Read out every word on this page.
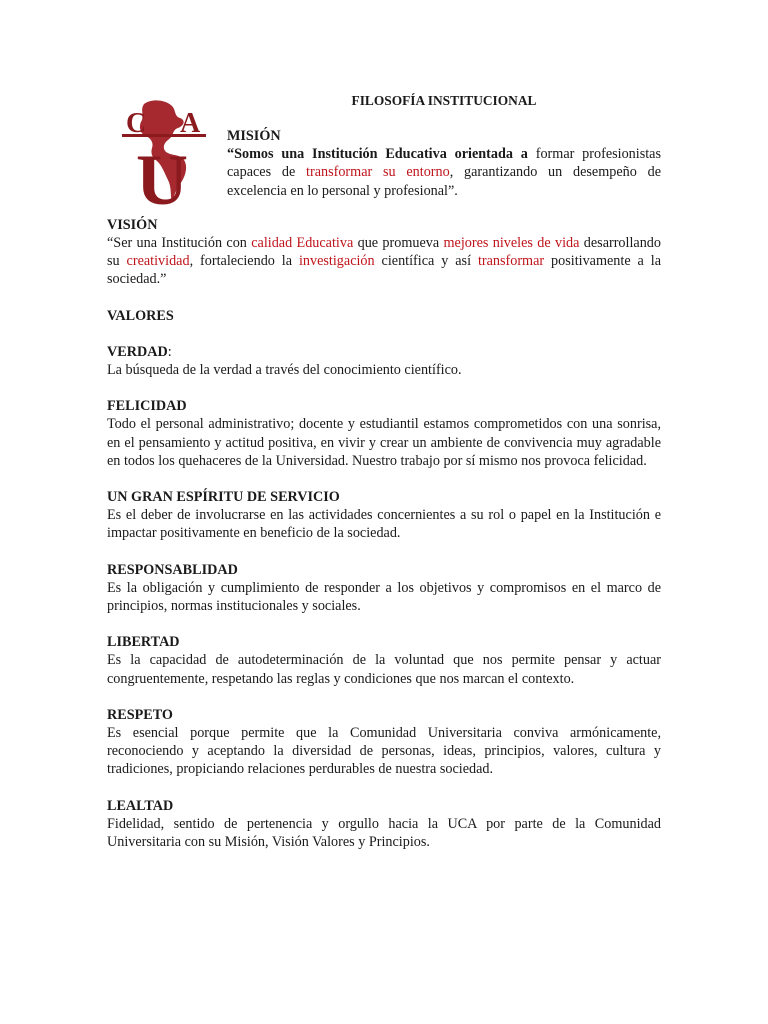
C A
U
FILOSOFÍA INSTITUCIONAL
MISIÓN

“Somos una Institución Educativa orientada a formar profesionistas capaces de transformar su entorno, garantizando un desempeño de excelencia en lo personal y profesional”.

VISIÓN

“Ser una Institución con calidad Educativa que promueva mejores niveles de vida desarrollando su creatividad, fortaleciendo la investigación científica y así transformar positivamente a la sociedad.”

VALORES
VERDAD:

La búsqueda de la verdad a través del conocimiento científico.

FELICIDAD

Todo el personal administrativo; docente y estudiantil estamos comprometidos con una sonrisa, en el pensamiento y actitud positiva, en vivir y crear un ambiente de convivencia muy agradable en todos los quehaceres de la Universidad. Nuestro trabajo por sí mismo nos provoca felicidad.

UN GRAN ESPÍRITU DE SERVICIO

Es el deber de involucrarse en las actividades concernientes a su rol o papel en la Institución e impactar positivamente en beneficio de la sociedad.

RESPONSABLIDAD

Es la obligación y cumplimiento de responder a los objetivos y compromisos en el marco de principios, normas institucionales y sociales.

LIBERTAD

Es la capacidad de autodeterminación de la voluntad que nos permite pensar y actuar congruentemente, respetando las reglas y condiciones que nos marcan el contexto.

RESPETO

Es esencial porque permite que la Comunidad Universitaria conviva armónicamente, reconociendo y aceptando la diversidad de personas, ideas, principios, valores, cultura y tradiciones, propiciando relaciones perdurables de nuestra sociedad.

LEALTAD

Fidelidad, sentido de pertenencia y orgullo hacia la UCA por parte de la Comunidad Universitaria con su Misión, Visión Valores y Principios.
